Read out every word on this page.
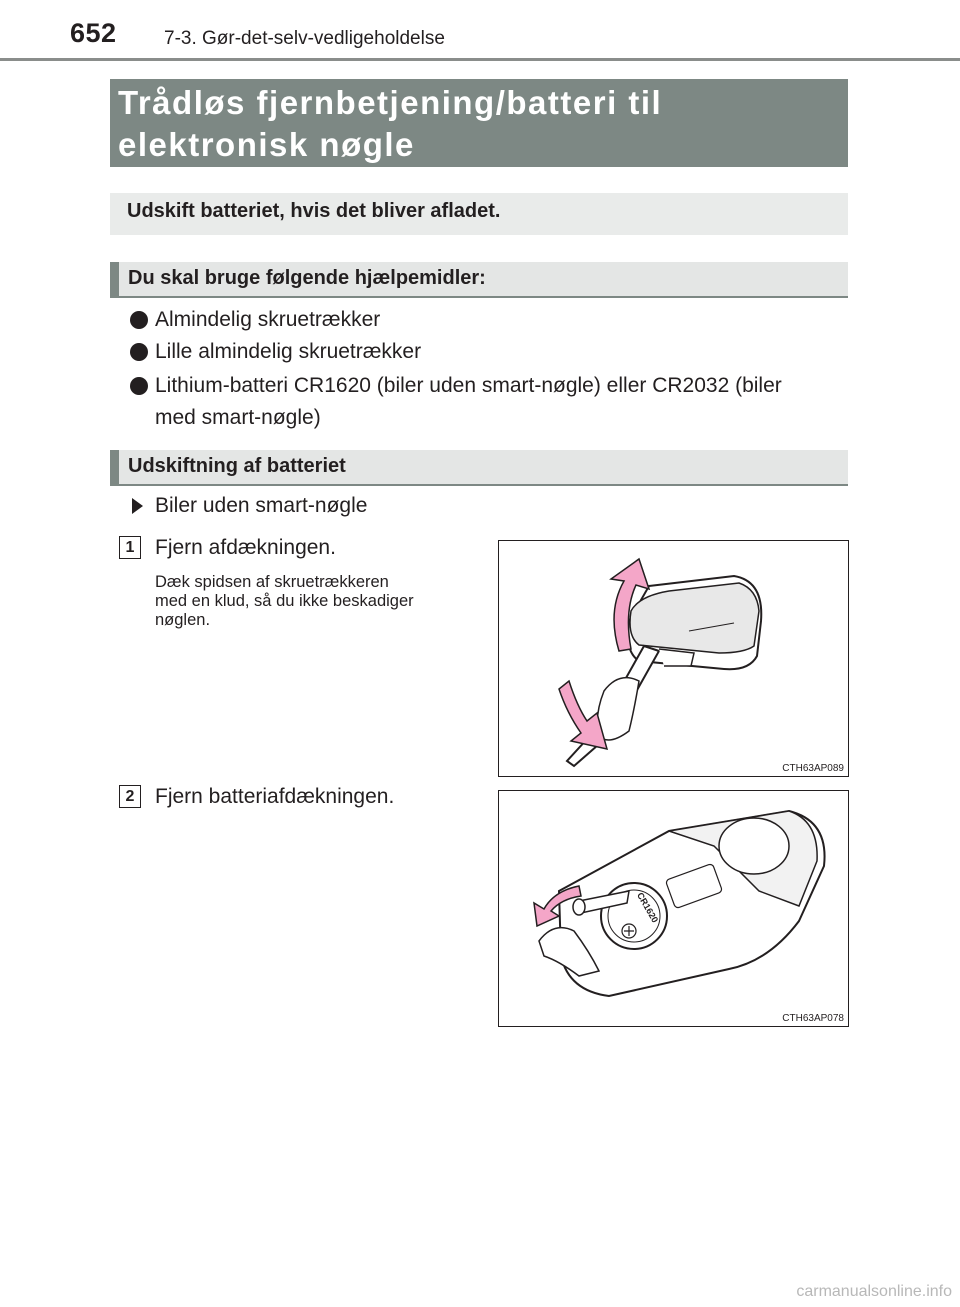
652 7-3. Gør-det-selv-vedligeholdelse
Trådløs fjernbetjening/batteri til
elektronisk nøgle
Udskift batteriet, hvis det bliver afladet.
Du skal bruge følgende hjælpemidler:
Almindelig skruetrækker
Lille almindelig skruetrækker
Lithium-batteri CR1620 (biler uden smart-nøgle) eller CR2032 (biler
med smart-nøgle)
Udskiftning af batteriet
Biler uden smart-nøgle
1 Fjern afdækningen.
Dæk spidsen af skruetrækkeren
med en klud, så du ikke beskadiger
nøglen.
CTH63AP089
2 Fjern batteriafdækningen.
CR1620
CTH63AP078
carmanualsonline.info
